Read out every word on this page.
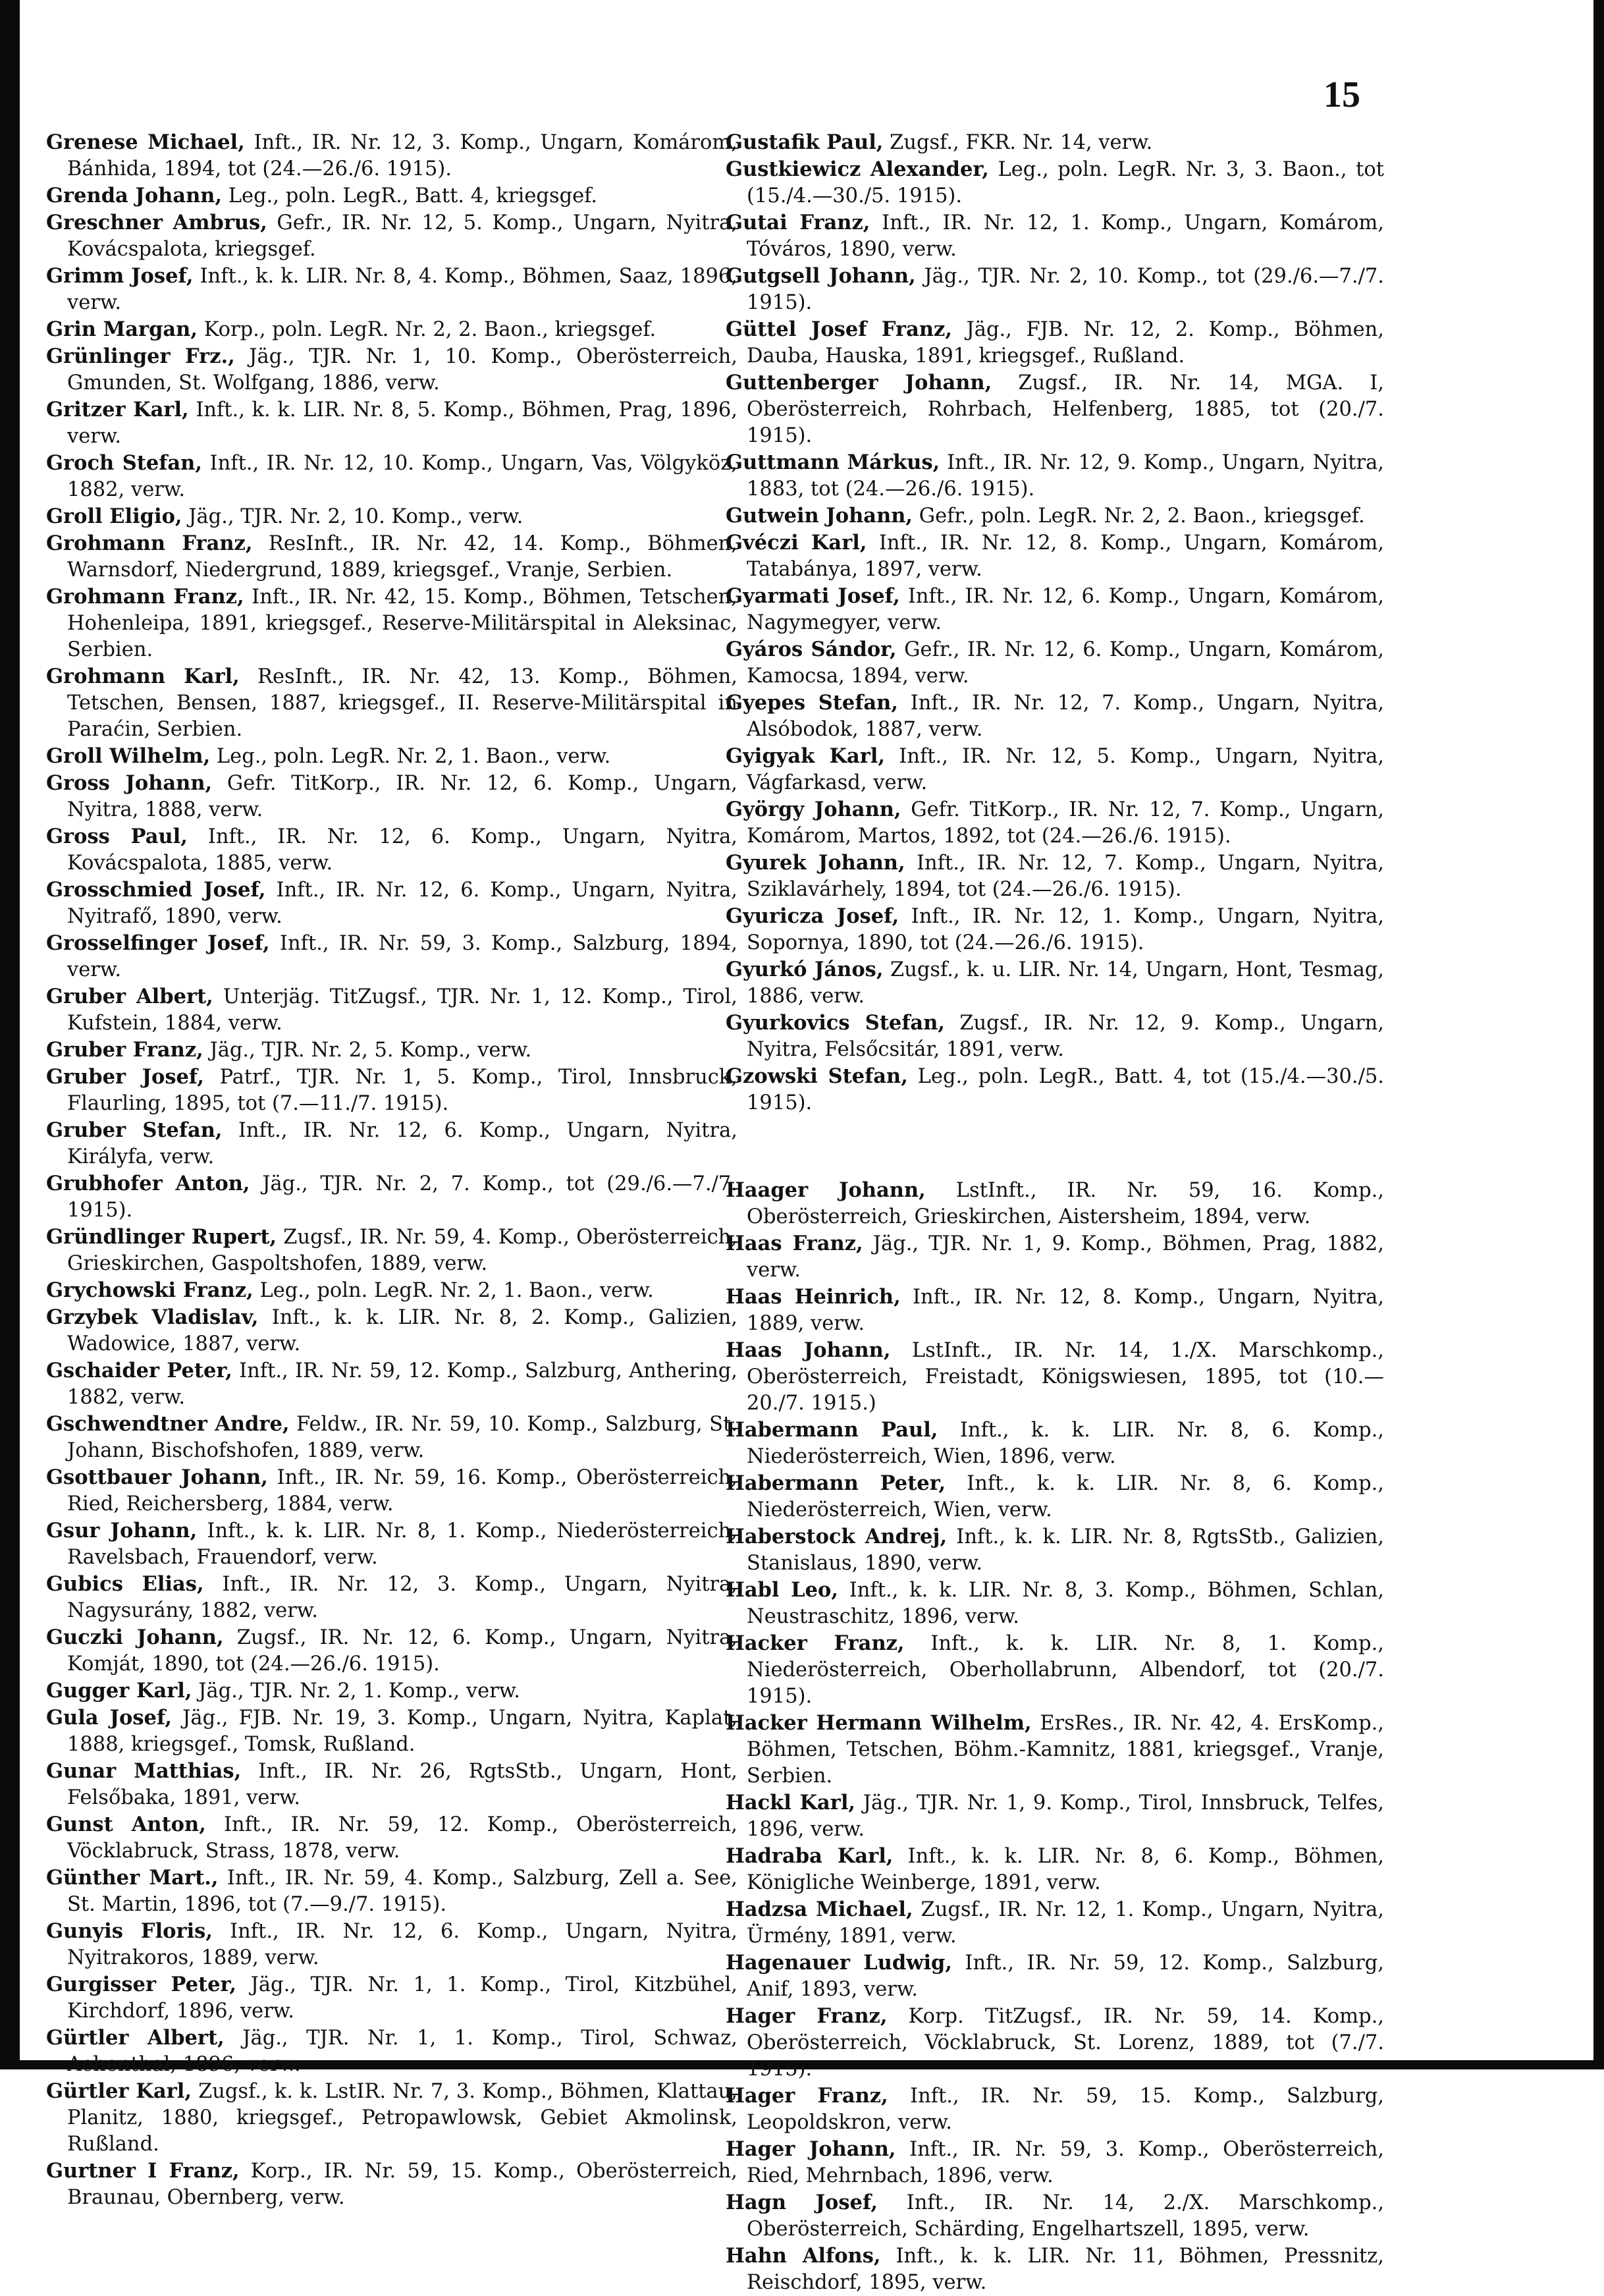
15

Grenese Michael, Inft., IR. Nr. 12, 3. Komp., Ungarn, Komárom, Bánhida, 1894, tot (24.—26./6. 1915).

Grenda Johann, Leg., poln. LegR., Batt. 4, kriegsgef.

Greschner Ambrus, Gefr., IR. Nr. 12, 5. Komp., Ungarn, Nyitra, Kovácspalota, kriegsgef.

Grimm Josef, Inft., k. k. LIR. Nr. 8, 4. Komp., Böhmen, Saaz, 1896, verw.

Grin Margan, Korp., poln. LegR. Nr. 2, 2. Baon., kriegsgef.

Grünlinger Frz., Jäg., TJR. Nr. 1, 10. Komp., Oberösterreich, Gmunden, St. Wolfgang, 1886, verw.

Gritzer Karl, Inft., k. k. LIR. Nr. 8, 5. Komp., Böhmen, Prag, 1896, verw.

Groch Stefan, Inft., IR. Nr. 12, 10. Komp., Ungarn, Vas, Völgyköz, 1882, verw.

Groll Eligio, Jäg., TJR. Nr. 2, 10. Komp., verw.

Grohmann Franz, ResInft., IR. Nr. 42, 14. Komp., Böhmen, Warnsdorf, Niedergrund, 1889, kriegsgef., Vranje, Serbien.

Grohmann Franz, Inft., IR. Nr. 42, 15. Komp., Böhmen, Tetschen, Hohenleipa, 1891, kriegsgef., Reserve-Militärspital in Aleksinac, Serbien.

Grohmann Karl, ResInft., IR. Nr. 42, 13. Komp., Böhmen, Tetschen, Bensen, 1887, kriegsgef., II. Reserve-Militärspital in Paraćin, Serbien.

Groll Wilhelm, Leg., poln. LegR. Nr. 2, 1. Baon., verw.

Gross Johann, Gefr. TitKorp., IR. Nr. 12, 6. Komp., Ungarn, Nyitra, 1888, verw.

Gross Paul, Inft., IR. Nr. 12, 6. Komp., Ungarn, Nyitra, Kovácspalota, 1885, verw.

Grosschmied Josef, Inft., IR. Nr. 12, 6. Komp., Ungarn, Nyitra, Nyitrafő, 1890, verw.

Grosselfinger Josef, Inft., IR. Nr. 59, 3. Komp., Salzburg, 1894, verw.

Gruber Albert, Unterjäg. TitZugsf., TJR. Nr. 1, 12. Komp., Tirol, Kufstein, 1884, verw.

Gruber Franz, Jäg., TJR. Nr. 2, 5. Komp., verw.

Gruber Josef, Patrf., TJR. Nr. 1, 5. Komp., Tirol, Innsbruck, Flaurling, 1895, tot (7.—11./7. 1915).

Gruber Stefan, Inft., IR. Nr. 12, 6. Komp., Ungarn, Nyitra, Királyfa, verw.

Grubhofer Anton, Jäg., TJR. Nr. 2, 7. Komp., tot (29./6.—7./7. 1915).

Gründlinger Rupert, Zugsf., IR. Nr. 59, 4. Komp., Oberösterreich, Grieskirchen, Gaspoltshofen, 1889, verw.

Grychowski Franz, Leg., poln. LegR. Nr. 2, 1. Baon., verw.

Grzybek Vladislav, Inft., k. k. LIR. Nr. 8, 2. Komp., Galizien, Wadowice, 1887, verw.

Gschaider Peter, Inft., IR. Nr. 59, 12. Komp., Salzburg, Anthering, 1882, verw.

Gschwendtner Andre, Feldw., IR. Nr. 59, 10. Komp., Salzburg, St. Johann, Bischofshofen, 1889, verw.

Gsottbauer Johann, Inft., IR. Nr. 59, 16. Komp., Oberösterreich, Ried, Reichersberg, 1884, verw.

Gsur Johann, Inft., k. k. LIR. Nr. 8, 1. Komp., Niederösterreich, Ravelsbach, Frauendorf, verw.

Gubics Elias, Inft., IR. Nr. 12, 3. Komp., Ungarn, Nyitra, Nagysurány, 1882, verw.

Guczki Johann, Zugsf., IR. Nr. 12, 6. Komp., Ungarn, Nyitra, Komját, 1890, tot (24.—26./6. 1915).

Gugger Karl, Jäg., TJR. Nr. 2, 1. Komp., verw.

Gula Josef, Jäg., FJB. Nr. 19, 3. Komp., Ungarn, Nyitra, Kaplat, 1888, kriegsgef., Tomsk, Rußland.

Gunar Matthias, Inft., IR. Nr. 26, RgtsStb., Ungarn, Hont, Felsőbaka, 1891, verw.

Gunst Anton, Inft., IR. Nr. 59, 12. Komp., Oberösterreich, Vöcklabruck, Strass, 1878, verw.

Günther Mart., Inft., IR. Nr. 59, 4. Komp., Salzburg, Zell a. See, St. Martin, 1896, tot (7.—9./7. 1915).

Gunyis Floris, Inft., IR. Nr. 12, 6. Komp., Ungarn, Nyitra, Nyitrakoros, 1889, verw.

Gurgisser Peter, Jäg., TJR. Nr. 1, 1. Komp., Tirol, Kitzbühel, Kirchdorf, 1896, verw.

Gürtler Albert, Jäg., TJR. Nr. 1, 1. Komp., Tirol, Schwaz, Achenthal, 1896, verw.

Gürtler Karl, Zugsf., k. k. LstIR. Nr. 7, 3. Komp., Böhmen, Klattau, Planitz, 1880, kriegsgef., Petropawlowsk, Gebiet Akmolinsk, Rußland.

Gurtner I Franz, Korp., IR. Nr. 59, 15. Komp., Oberösterreich, Braunau, Obernberg, verw.

Gustafik Paul, Zugsf., FKR. Nr. 14, verw.

Gustkiewicz Alexander, Leg., poln. LegR. Nr. 3, 3. Baon., tot (15./4.—30./5. 1915).

Gutai Franz, Inft., IR. Nr. 12, 1. Komp., Ungarn, Komárom, Tóváros, 1890, verw.

Gutgsell Johann, Jäg., TJR. Nr. 2, 10. Komp., tot (29./6.—7./7. 1915).

Güttel Josef Franz, Jäg., FJB. Nr. 12, 2. Komp., Böhmen, Dauba, Hauska, 1891, kriegsgef., Rußland.

Guttenberger Johann, Zugsf., IR. Nr. 14, MGA. I, Oberösterreich, Rohrbach, Helfenberg, 1885, tot (20./7. 1915).

Guttmann Márkus, Inft., IR. Nr. 12, 9. Komp., Ungarn, Nyitra, 1883, tot (24.—26./6. 1915).

Gutwein Johann, Gefr., poln. LegR. Nr. 2, 2. Baon., kriegsgef.

Gvéczi Karl, Inft., IR. Nr. 12, 8. Komp., Ungarn, Komárom, Tatabánya, 1897, verw.

Gyarmati Josef, Inft., IR. Nr. 12, 6. Komp., Ungarn, Komárom, Nagymegyer, verw.

Gyáros Sándor, Gefr., IR. Nr. 12, 6. Komp., Ungarn, Komárom, Kamocsa, 1894, verw.

Gyepes Stefan, Inft., IR. Nr. 12, 7. Komp., Ungarn, Nyitra, Alsóbodok, 1887, verw.

Gyigyak Karl, Inft., IR. Nr. 12, 5. Komp., Ungarn, Nyitra, Vágfarkasd, verw.

György Johann, Gefr. TitKorp., IR. Nr. 12, 7. Komp., Ungarn, Komárom, Martos, 1892, tot (24.—26./6. 1915).

Gyurek Johann, Inft., IR. Nr. 12, 7. Komp., Ungarn, Nyitra, Sziklavárhely, 1894, tot (24.—26./6. 1915).

Gyuricza Josef, Inft., IR. Nr. 12, 1. Komp., Ungarn, Nyitra, Sopornya, 1890, tot (24.—26./6. 1915).

Gyurkó János, Zugsf., k. u. LIR. Nr. 14, Ungarn, Hont, Tesmag, 1886, verw.

Gyurkovics Stefan, Zugsf., IR. Nr. 12, 9. Komp., Ungarn, Nyitra, Felsőcsitár, 1891, verw.

Gzowski Stefan, Leg., poln. LegR., Batt. 4, tot (15./4.—30./5. 1915).

Haager Johann, LstInft., IR. Nr. 59, 16. Komp., Oberösterreich, Grieskirchen, Aistersheim, 1894, verw.

Haas Franz, Jäg., TJR. Nr. 1, 9. Komp., Böhmen, Prag, 1882, verw.

Haas Heinrich, Inft., IR. Nr. 12, 8. Komp., Ungarn, Nyitra, 1889, verw.

Haas Johann, LstInft., IR. Nr. 14, 1./X. Marschkomp., Oberösterreich, Freistadt, Königswiesen, 1895, tot (10.—20./7. 1915.)

Habermann Paul, Inft., k. k. LIR. Nr. 8, 6. Komp., Niederösterreich, Wien, 1896, verw.

Habermann Peter, Inft., k. k. LIR. Nr. 8, 6. Komp., Niederösterreich, Wien, verw.

Haberstock Andrej, Inft., k. k. LIR. Nr. 8, RgtsStb., Galizien, Stanislaus, 1890, verw.

Habl Leo, Inft., k. k. LIR. Nr. 8, 3. Komp., Böhmen, Schlan, Neustraschitz, 1896, verw.

Hacker Franz, Inft., k. k. LIR. Nr. 8, 1. Komp., Niederösterreich, Oberhollabrunn, Albendorf, tot (20./7. 1915).

Hacker Hermann Wilhelm, ErsRes., IR. Nr. 42, 4. ErsKomp., Böhmen, Tetschen, Böhm.-Kamnitz, 1881, kriegsgef., Vranje, Serbien.

Hackl Karl, Jäg., TJR. Nr. 1, 9. Komp., Tirol, Innsbruck, Telfes, 1896, verw.

Hadraba Karl, Inft., k. k. LIR. Nr. 8, 6. Komp., Böhmen, Königliche Weinberge, 1891, verw.

Hadzsa Michael, Zugsf., IR. Nr. 12, 1. Komp., Ungarn, Nyitra, Ürmény, 1891, verw.

Hagenauer Ludwig, Inft., IR. Nr. 59, 12. Komp., Salzburg, Anif, 1893, verw.

Hager Franz, Korp. TitZugsf., IR. Nr. 59, 14. Komp., Oberösterreich, Vöcklabruck, St. Lorenz, 1889, tot (7./7. 1915).

Hager Franz, Inft., IR. Nr. 59, 15. Komp., Salzburg, Leopoldskron, verw.

Hager Johann, Inft., IR. Nr. 59, 3. Komp., Oberösterreich, Ried, Mehrnbach, 1896, verw.

Hagn Josef, Inft., IR. Nr. 14, 2./X. Marschkomp., Oberösterreich, Schärding, Engelhartszell, 1895, verw.

Hahn Alfons, Inft., k. k. LIR. Nr. 11, Böhmen, Pressnitz, Reischdorf, 1895, verw.
